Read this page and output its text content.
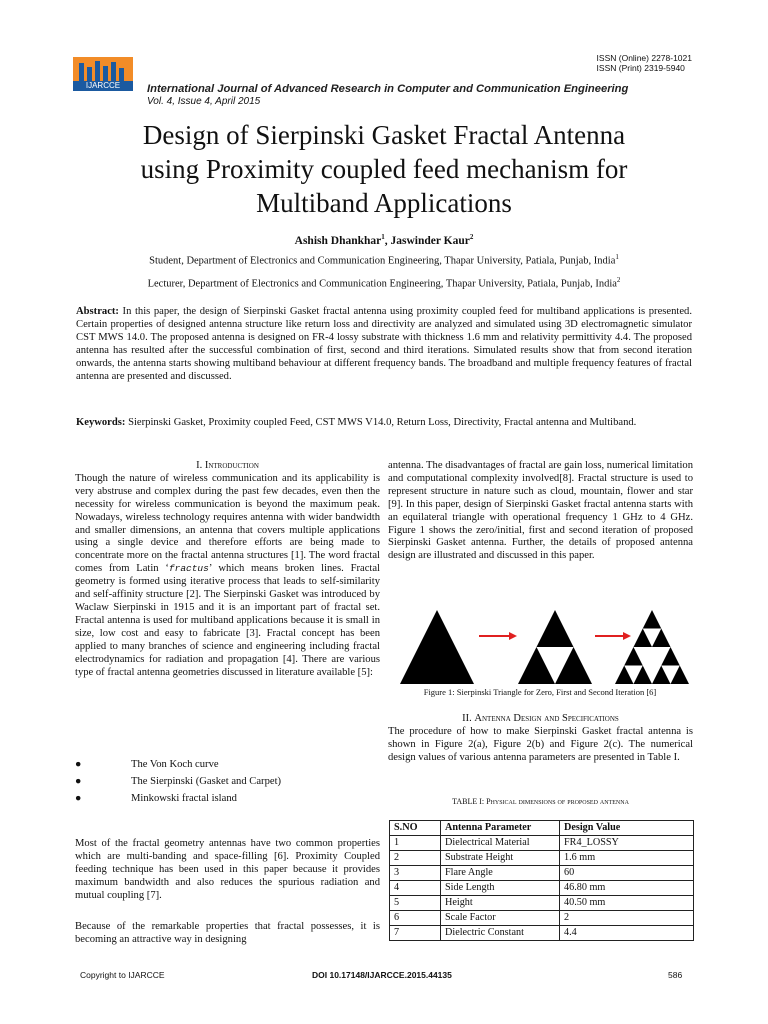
ISSN (Online) 2278-1021
ISSN (Print) 2319-5940
IJARCCE	International Journal of Advanced Research in Computer and Communication Engineering
Vol. 4, Issue 4, April 2015
Design of Sierpinski Gasket Fractal Antenna
using Proximity coupled feed mechanism for
Multiband Applications
Ashish Dhankhar$^1$, Jaswinder Kaur$^2$
Student, Department of Electronics and Communication Engineering, Thapar University, Patiala, Punjab, India$^1$
Lecturer, Department of Electronics and Communication Engineering, Thapar University, Patiala, Punjab, India$^2$
Abstract: In this paper, the design of Sierpinski Gasket fractal antenna using proximity coupled feed for multiband applications is presented. Certain properties of designed antenna structure like return loss and directivity are analyzed and simulated using 3D electromagnetic simulator CST MWS 14.0. The proposed antenna is designed on FR-4 lossy substrate with thickness 1.6 mm and relativity permittivity 4.4. The proposed antenna has resulted after the successful combination of first, second and third iterations. Simulated results show that from second iteration onwards, the antenna starts showing multiband behaviour at different frequency bands. The broadband and multiple frequency features of fractal antenna are presented and discussed.
Keywords: Sierpinski Gasket, Proximity coupled Feed, CST MWS V14.0, Return Loss, Directivity, Fractal antenna and Multiband.
I. Introduction
Though the nature of wireless communication and its applicability is very abstruse and complex during the past few decades, even then the necessity for wireless communication is beyond the maximum peak. Nowadays, wireless technology requires antenna with wider bandwidth and smaller dimensions, an antenna that covers multiple applications using a single device and therefore efforts are being made to concentrate more on the fractal antenna structures [1]. The word fractal comes from Latin ‘fractus’ which means broken lines. Fractal geometry is formed using iterative process that leads to self-similarity and self-affinity structure [2]. The Sierpinski Gasket was introduced by Waclaw Sierpinski in 1915 and it is an important part of fractal set. Fractal antenna is used for multiband applications because it is small in size, low cost and easy to fabricate [3]. Fractal concept has been applied to many branches of science and engineering including fractal electrodynamics for radiation and propagation [4]. There are various type of fractal antenna geometries discussed in literature available [5]:
●	The Von Koch curve
●	The Sierpinski (Gasket and Carpet)
●	Minkowski fractal island
Most of the fractal geometry antennas have two common properties which are multi-banding and space-filling [6]. Proximity Coupled feeding technique has been used in this paper because it provides maximum bandwidth and also reduces the spurious radiation and mutual coupling [7].
Because of the remarkable properties that fractal possesses, it is becoming an attractive way in designing
antenna. The disadvantages of fractal are gain loss, numerical limitation and computational complexity involved[8]. Fractal structure is used to represent structure in nature such as cloud, mountain, flower and star [9]. In this paper, design of Sierpinski Gasket fractal antenna starts with an equilateral triangle with operational frequency 1 GHz to 4 GHz. Figure 1 shows the zero/initial, first and second iteration of proposed Sierpinski Gasket antenna. Further, the details of proposed antenna design are illustrated and discussed in this paper.
Figure 1: Sierpinski Triangle for Zero, First and Second Iteration [6]
II. Antenna Design and Specifications
The procedure of how to make Sierpinski Gasket fractal antenna is shown in Figure 2(a), Figure 2(b) and Figure 2(c). The numerical design values of various antenna parameters are presented in Table I.
TABLE I: Physical dimensions of proposed antenna
S.NO	Antenna Parameter	Design Value
1	Dielectrical Material	FR4_LOSSY
2	Substrate Height	1.6 mm
3	Flare Angle	60
4	Side Length	46.80 mm
5	Height	40.50 mm
6	Scale Factor	2
7	Dielectric Constant	4.4
Copyright to IJARCCE	DOI 10.17148/IJARCCE.2015.44135	586
